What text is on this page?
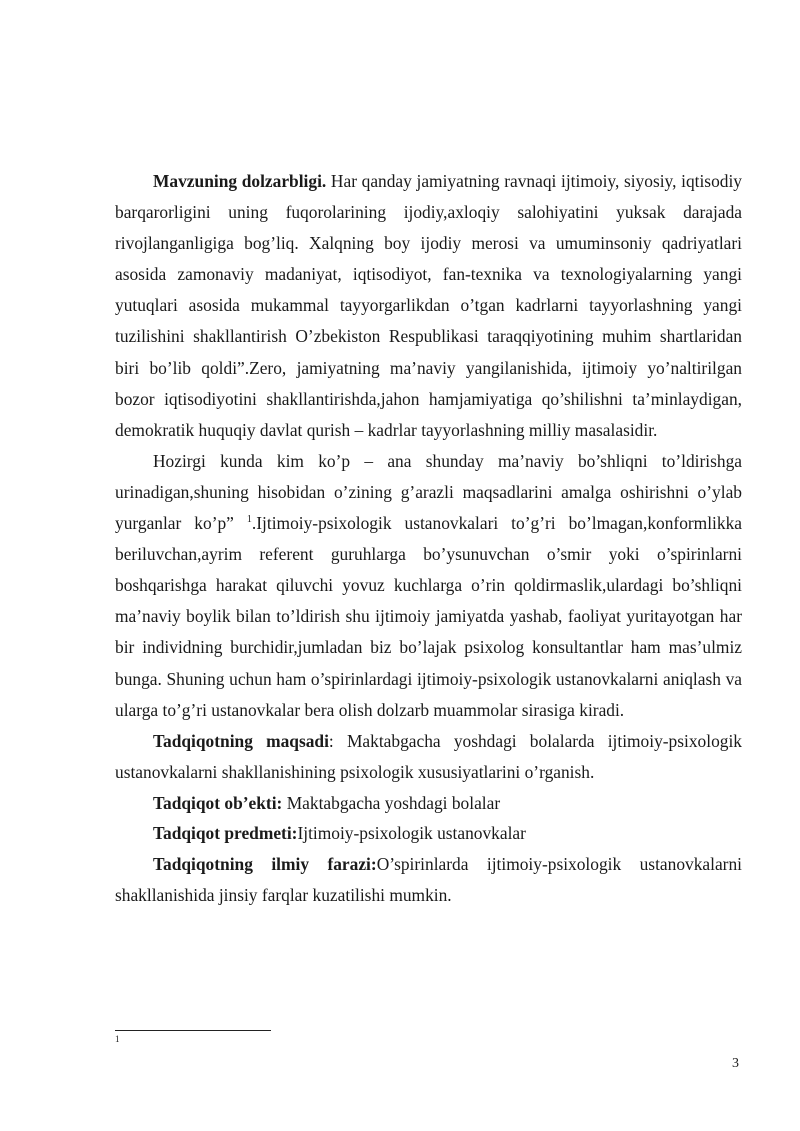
Mavzuning dolzarbligi. Har qanday jamiyatning ravnaqi ijtimoiy, siyosiy, iqtisodiy barqarorligini uning fuqorolarining ijodiy,axloqiy salohiyatini yuksak darajada rivojlanganligiga bog’liq. Xalqning boy ijodiy merosi va umuminsoniy qadriyatlari asosida zamonaviy madaniyat, iqtisodiyot, fan-texnika va texnologiyalarning yangi yutuqlari asosida mukammal tayyorgarlikdan o’tgan kadrlarni tayyorlashning yangi tuzilishini shakllantirish O’zbekiston Respublikasi taraqqiyotining muhim shartlaridan biri bo’lib qoldi”.Zero, jamiyatning ma’naviy yangilanishida, ijtimoiy yo’naltirilgan bozor iqtisodiyotini shakllantirishda,jahon hamjamiyatiga qo’shilishni ta’minlaydigan, demokratik huquqiy davlat qurish – kadrlar tayyorlashning milliy masalasidir.

Hozirgi kunda kim ko’p – ana shunday ma’naviy bo’shliqni to’ldirishga urinadigan,shuning hisobidan o’zining g’arazli maqsadlarini amalga oshirishni o’ylab yurganlar ko’p” $^1$.Ijtimoiy-psixologik ustanovkalari to’g’ri bo’lmagan,konformlikka beriluvchan,ayrim referent guruhlarga bo’ysunuvchan o’smir yoki o’spirinlarni boshqarishga harakat qiluvchi yovuz kuchlarga o’rin qoldirmaslik,ulardagi bo’shliqni ma’naviy boylik bilan to’ldirish shu ijtimoiy jamiyatda yashab, faoliyat yuritayotgan har bir individning burchidir,jumladan biz bo’lajak psixolog konsultantlar ham mas’ulmiz bunga. Shuning uchun ham o’spirinlardagi ijtimoiy-psixologik ustanovkalarni aniqlash va ularga to’g’ri ustanovkalar bera olish dolzarb muammolar sirasiga kiradi.

Tadqiqotning maqsadi: Maktabgacha yoshdagi bolalarda ijtimoiy-psixologik ustanovkalarni shakllanishining psixologik xususiyatlarini o’rganish.

Tadqiqot ob’ekti: Maktabgacha yoshdagi bolalar

Tadqiqot predmeti:Ijtimoiy-psixologik ustanovkalar

Tadqiqotning ilmiy farazi:O’spirinlarda ijtimoiy-psixologik ustanovkalarni shakllanishida jinsiy farqlar kuzatilishi mumkin.

1
3
